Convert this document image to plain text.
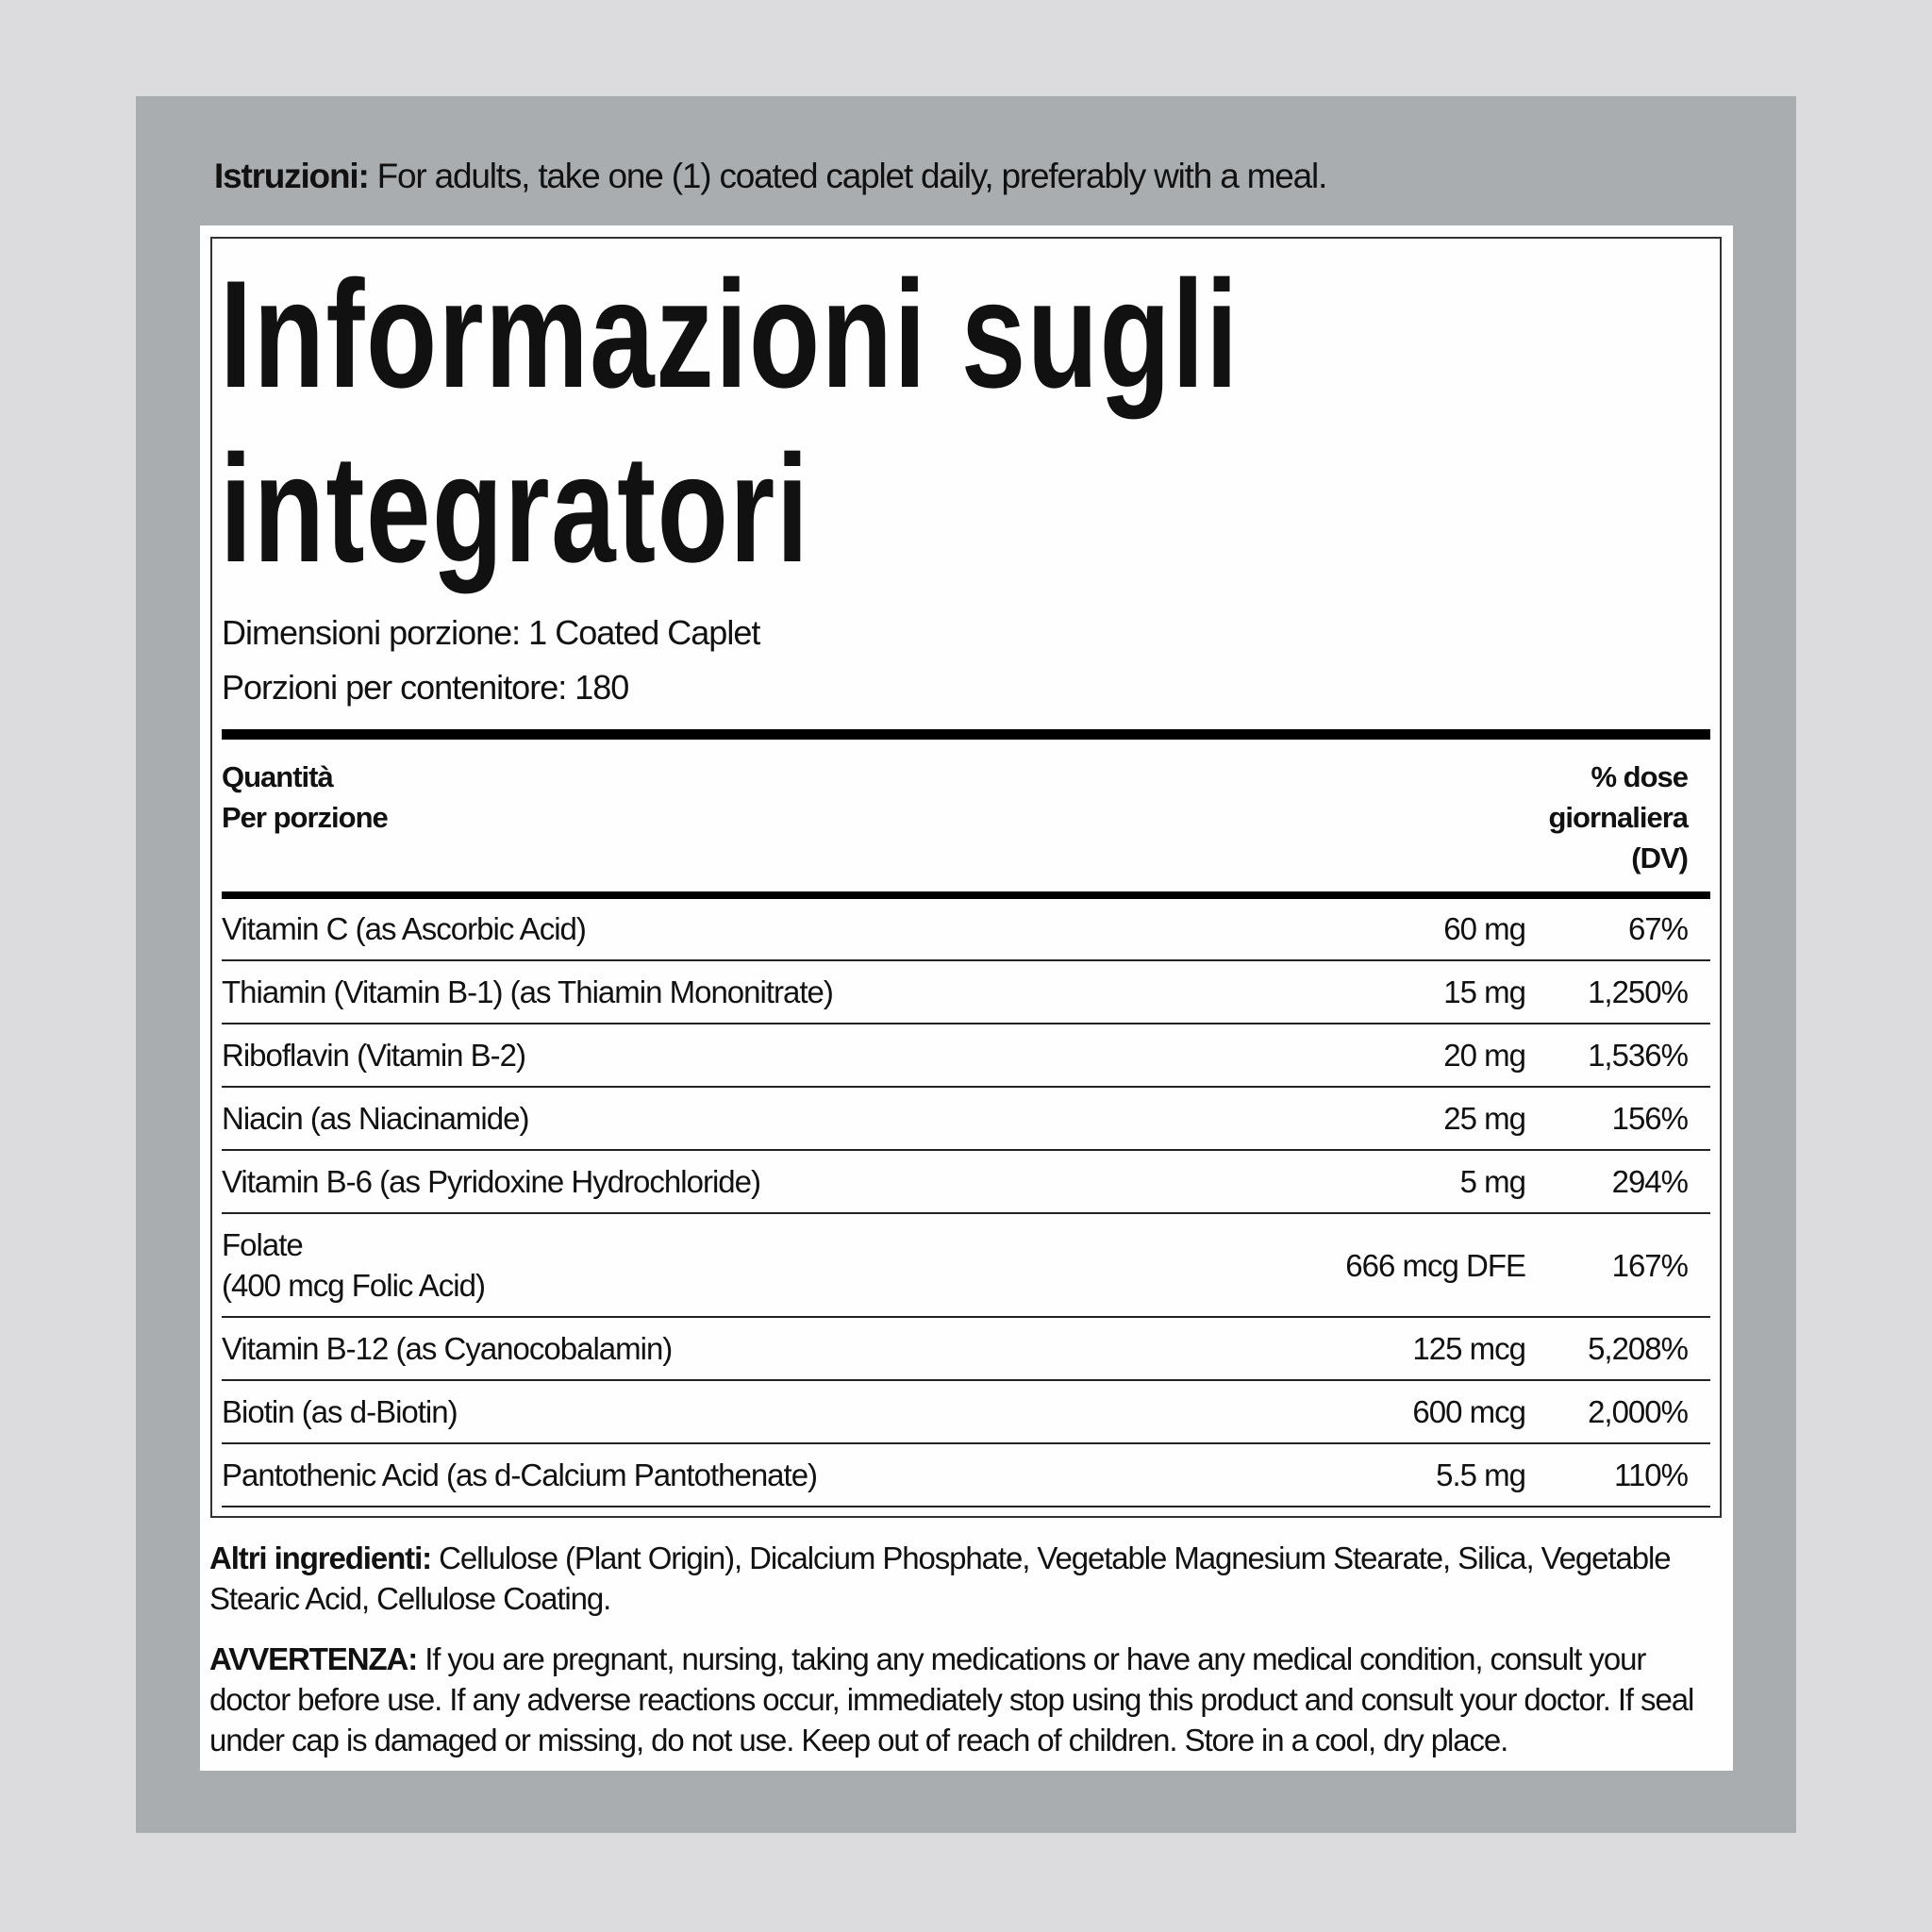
Istruzioni: For adults, take one (1) coated caplet daily, preferably with a meal.
Informazioni sugli
integratori
Dimensioni porzione: 1 Coated Caplet
Porzioni per contenitore: 180
Quantità
Per porzione
% dose
giornaliera
(DV)
Vitamin C (as Ascorbic Acid)	60 mg	67%
Thiamin (Vitamin B-1) (as Thiamin Mononitrate)	15 mg	1,250%
Riboflavin (Vitamin B-2)	20 mg	1,536%
Niacin (as Niacinamide)	25 mg	156%
Vitamin B-6 (as Pyridoxine Hydrochloride)	5 mg	294%
Folate
(400 mcg Folic Acid)
666 mcg DFE	167%
Vitamin B-12 (as Cyanocobalamin)	125 mcg	5,208%
Biotin (as d-Biotin)	600 mcg	2,000%
Pantothenic Acid (as d-Calcium Pantothenate)	5.5 mg	110%
Altri ingredienti: Cellulose (Plant Origin), Dicalcium Phosphate, Vegetable Magnesium Stearate, Silica, Vegetable Stearic Acid, Cellulose Coating.
AVVERTENZA: If you are pregnant, nursing, taking any medications or have any medical condition, consult your doctor before use. If any adverse reactions occur, immediately stop using this product and consult your doctor. If seal under cap is damaged or missing, do not use. Keep out of reach of children. Store in a cool, dry place.
